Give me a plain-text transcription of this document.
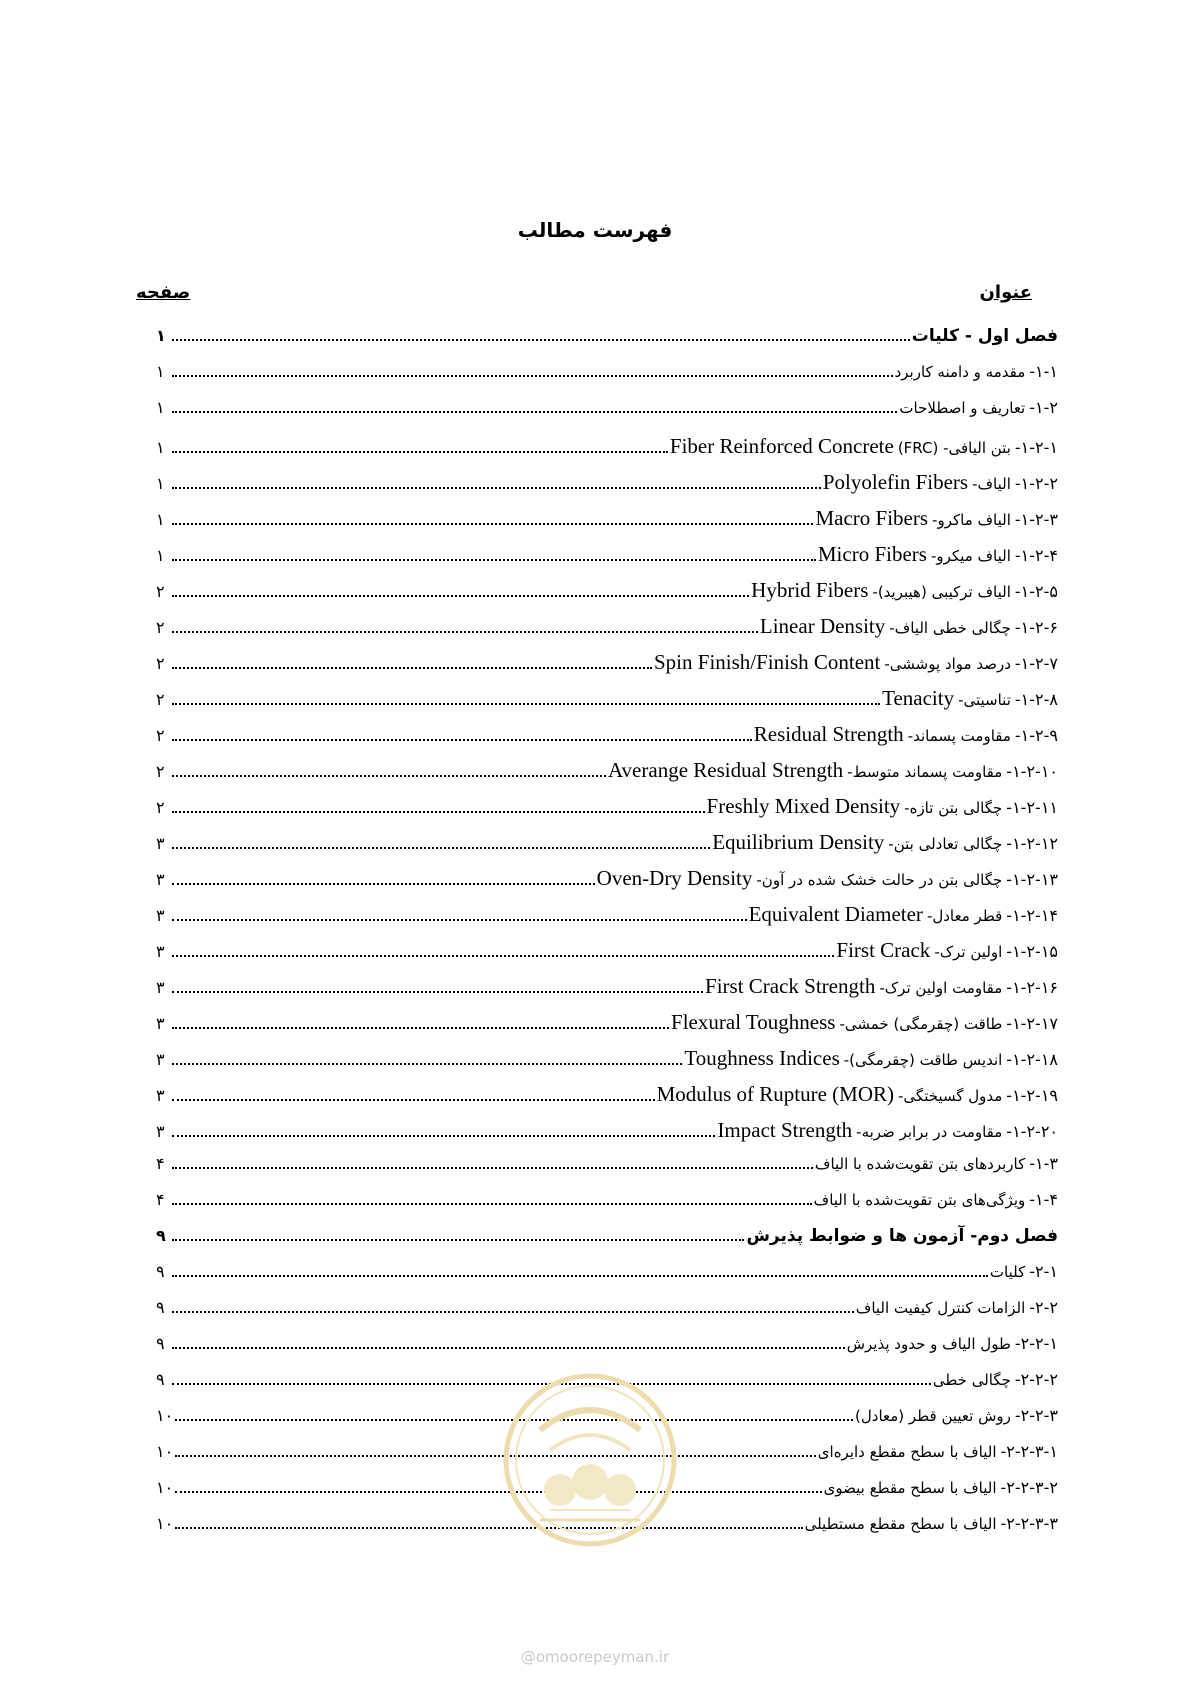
فهرست مطالب
عنوان
صفحه
فصل اول - کلیات
۱
۱-۱-
مقدمه و دامنه کاربرد
۱
۱-۲-
تعاریف و اصطلاحات
۱
۱-۲-۱-
بتن الیافی- (FRC)
Fiber Reinforced Concrete
۱
۱-۲-۲-
الیاف-
Polyolefin Fibers
۱
۱-۲-۳-
الیاف ماکرو-
Macro Fibers
۱
۱-۲-۴-
الیاف میکرو-
Micro Fibers
۱
۱-۲-۵-
الیاف ترکیبی (هیبرید)-
Hybrid Fibers
۲
۱-۲-۶-
چگالی خطی الیاف-
Linear Density
۲
۱-۲-۷-
درصد مواد پوششی-
Spin Finish/Finish Content
۲
۱-۲-۸-
تناسیتی-
Tenacity
۲
۱-۲-۹-
مقاومت پسماند-
Residual Strength
۲
۱-۲-۱۰-
مقاومت پسماند متوسط-
Averange Residual Strength
۲
۱-۲-۱۱-
چگالی بتن تازه-
Freshly Mixed Density
۲
۱-۲-۱۲-
چگالی تعادلی بتن-
Equilibrium Density
۳
۱-۲-۱۳-
چگالی بتن در حالت خشک شده در آون-
Oven-Dry Density
۳
۱-۲-۱۴-
قطر معادل-
Equivalent Diameter
۳
۱-۲-۱۵-
اولین ترک-
First Crack
۳
۱-۲-۱۶-
مقاومت اولین ترک-
First Crack Strength
۳
۱-۲-۱۷-
طاقت (چقرمگی) خمشی-
Flexural Toughness
۳
۱-۲-۱۸-
اندیس طاقت (چقرمگی)-
Toughness Indices
۳
۱-۲-۱۹-
مدول گسیختگی-
Modulus of Rupture (MOR)
۳
۱-۲-۲۰-
مقاومت در برابر ضربه-
Impact Strength
۳
۱-۳-
کاربردهای بتن تقویت‌شده با الیاف
۴
۱-۴-
ویژگی‌های بتن تقویت‌شده با الیاف
۴
فصل دوم- آزمون ها و ضوابط پذیرش
۹
۲-۱-
کلیات
۹
۲-۲-
الزامات کنترل کیفیت الیاف
۹
۲-۲-۱-
طول الیاف و حدود پذیرش
۹
۲-۲-۲-
چگالی خطی
۹
۲-۲-۳-
روش تعیین قطر (معادل)
۱۰
۲-۲-۳-۱-
الیاف با سطح مقطع دایره‌ای
۱۰
۲-۲-۳-۲-
الیاف با سطح مقطع بیضوی
۱۰
۲-۲-۳-۳-
الیاف با سطح مقطع مستطیلی
۱۰
@omoorepeyman.ir
